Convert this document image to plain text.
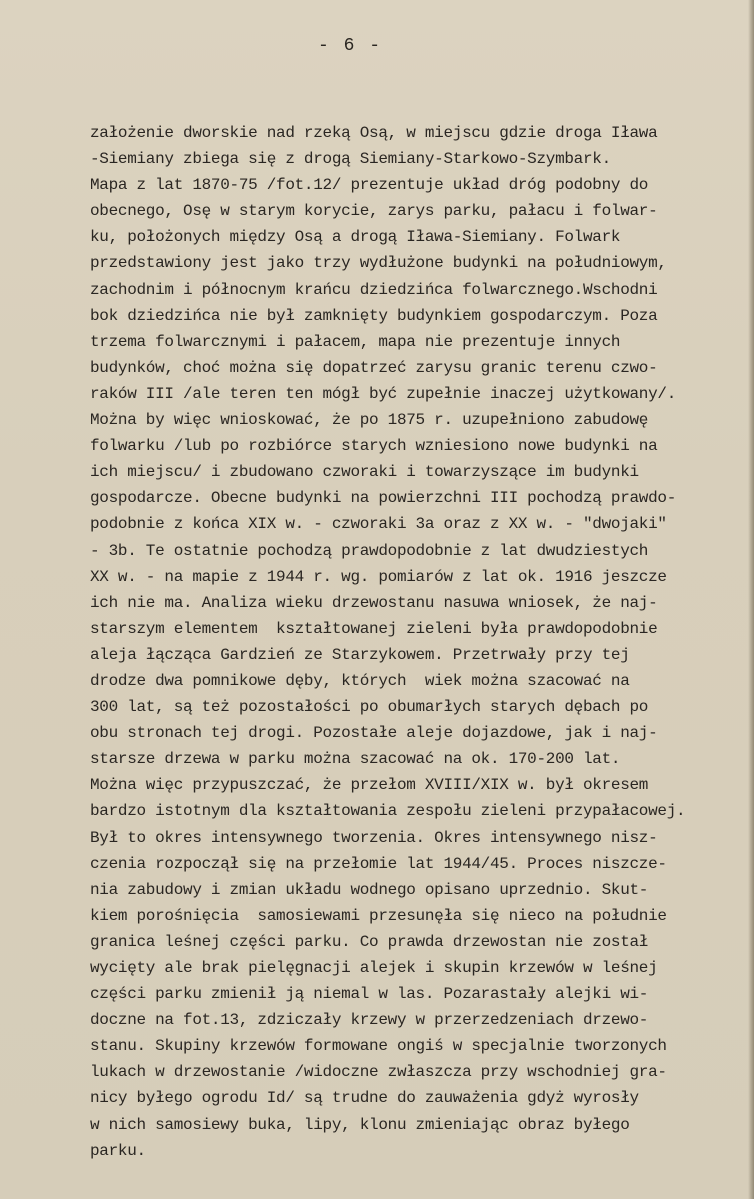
- 6 -
założenie dworskie nad rzeką Osą, w miejscu gdzie droga Iława
-Siemiany zbiega się z drogą Siemiany-Starkowo-Szymbark.
Mapa z lat 1870-75 /fot.12/ prezentuje układ dróg podobny do
obecnego, Osę w starym korycie, zarys parku, pałacu i folwar-
ku, położonych między Osą a drogą Iława-Siemiany. Folwark
przedstawiony jest jako trzy wydłużone budynki na południowym,
zachodnim i północnym krańcu dziedzińca folwarcznego.Wschodni
bok dziedzińca nie był zamknięty budynkiem gospodarczym. Poza
trzema folwarcznymi i pałacem, mapa nie prezentuje innych
budynków, choć można się dopatrzeć zarysu granic terenu czwo-
raków III /ale teren ten mógł być zupełnie inaczej użytkowany/.
Można by więc wnioskować, że po 1875 r. uzupełniono zabudowę
folwarku /lub po rozbiórce starych wzniesiono nowe budynki na
ich miejscu/ i zbudowano czworaki i towarzyszące im budynki
gospodarcze. Obecne budynki na powierzchni III pochodzą prawdo-
podobnie z końca XIX w. - czworaki 3a oraz z XX w. - "dwojaki"
- 3b. Te ostatnie pochodzą prawdopodobnie z lat dwudziestych
XX w. - na mapie z 1944 r. wg. pomiarów z lat ok. 1916 jeszcze
ich nie ma. Analiza wieku drzewostanu nasuwa wniosek, że naj-
starszym elementem  kształtowanej zieleni była prawdopodobnie
aleja łącząca Gardzień ze Starzykowem. Przetrwały przy tej
drodze dwa pomnikowe dęby, których  wiek można szacować na
300 lat, są też pozostałości po obumarłych starych dębach po
obu stronach tej drogi. Pozostałe aleje dojazdowe, jak i naj-
starsze drzewa w parku można szacować na ok. 170-200 lat.
Można więc przypuszczać, że przełom XVIII/XIX w. był okresem
bardzo istotnym dla kształtowania zespołu zieleni przypałacowej.
Był to okres intensywnego tworzenia. Okres intensywnego nisz-
czenia rozpoczął się na przełomie lat 1944/45. Proces niszcze-
nia zabudowy i zmian układu wodnego opisano uprzednio. Skut-
kiem porośnięcia  samosiewami przesunęła się nieco na południe
granica leśnej części parku. Co prawda drzewostan nie został
wycięty ale brak pielęgnacji alejek i skupin krzewów w leśnej
części parku zmienił ją niemal w las. Pozarastały alejki wi-
doczne na fot.13, zdziczały krzewy w przerzedzeniach drzewo-
stanu. Skupiny krzewów formowane ongiś w specjalnie tworzonych
lukach w drzewostanie /widoczne zwłaszcza przy wschodniej gra-
nicy byłego ogrodu Id/ są trudne do zauważenia gdyż wyrosły
w nich samosiewy buka, lipy, klonu zmieniając obraz byłego
parku.
